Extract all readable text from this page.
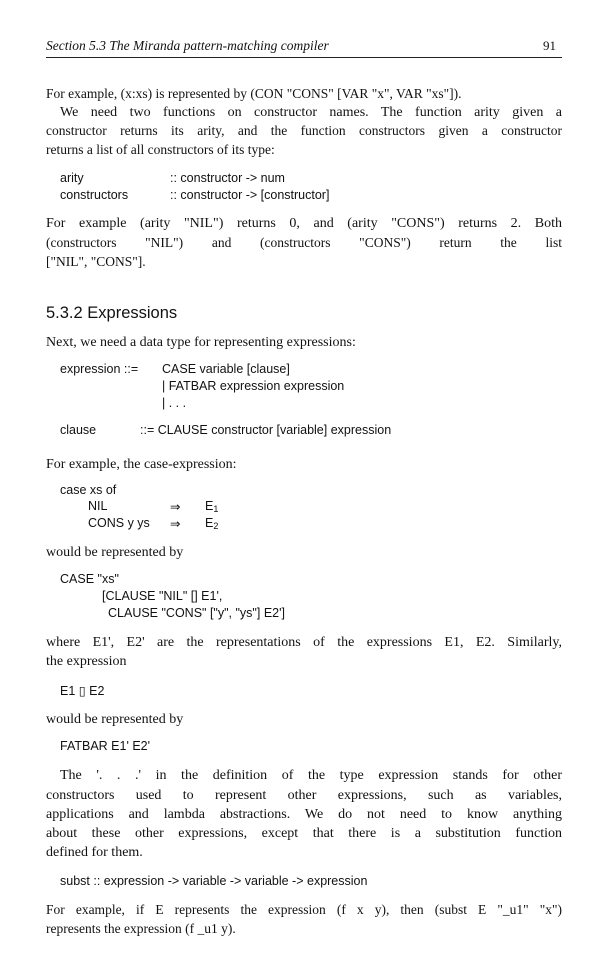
Section 5.3 The Miranda pattern-matching compiler	91
For example, (x:xs) is represented by (CON "CONS" [VAR "x", VAR "xs"]).
We need two functions on constructor names. The function arity given a
constructor returns its arity, and the function constructors given a constructor
returns a list of all constructors of its type:
arity	:: constructor -> num
constructors	:: constructor -> [constructor]
For example (arity "NIL") returns 0, and (arity "CONS") returns 2. Both
(constructors "NIL") and (constructors "CONS") return the list
["NIL", "CONS"].
5.3.2 Expressions
Next, we need a data type for representing expressions:
expression ::= CASE variable [clause]
| FATBAR expression expression
| . . .
clause	::= CLAUSE constructor [variable] expression
For example, the case-expression:
case xs of
NIL	⇒ $E_1$
CONS y ys ⇒ $E_2$
would be represented by
CASE "xs"
[CLAUSE "NIL" [] E1',
CLAUSE "CONS" ["y", "ys"] E2']
where E1', E2' are the representations of the expressions E1, E2. Similarly,
the expression
E1 ▯ E2
would be represented by
FATBAR E1' E2'
The '. . .' in the definition of the type expression stands for other
constructors used to represent other expressions, such as variables,
applications and lambda abstractions. We do not need to know anything
about these other expressions, except that there is a substitution function
defined for them.
subst :: expression -> variable -> variable -> expression
For example, if E represents the expression (f x y), then (subst E "_u1" "x")
represents the expression (f _u1 y).
